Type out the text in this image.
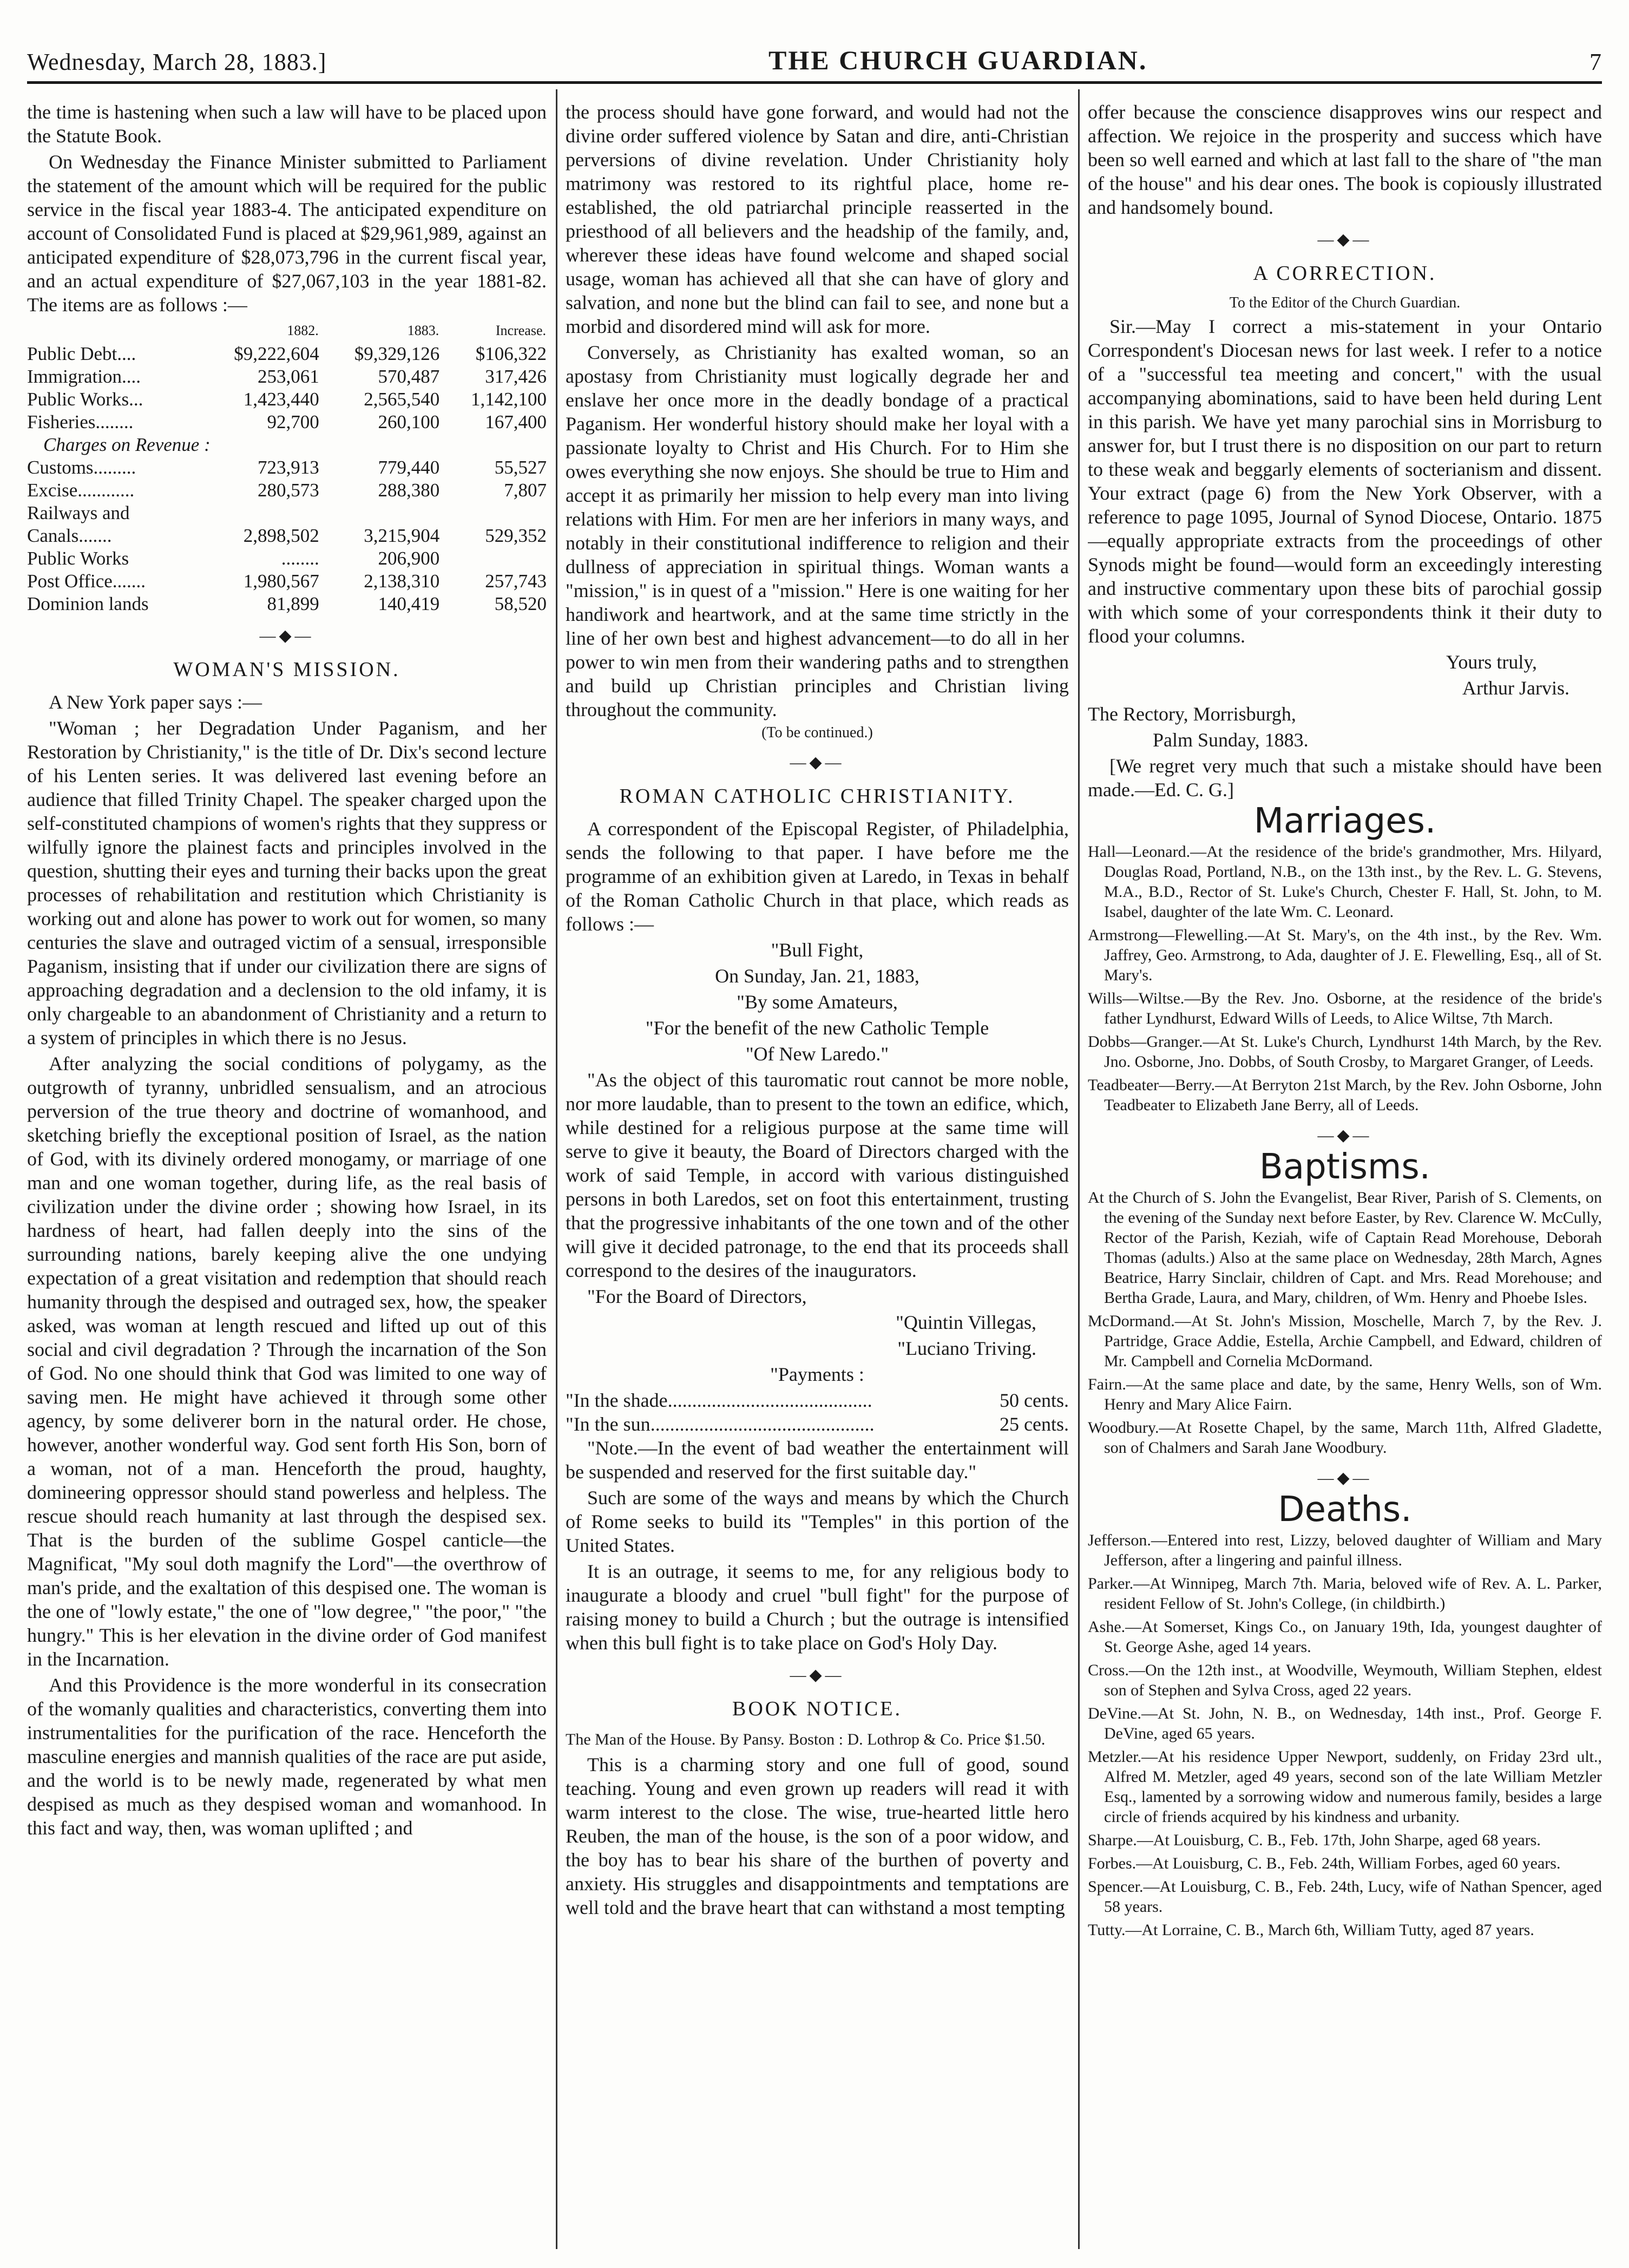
Wednesday, March 28, 1883.]	THE CHURCH GUARDIAN.	7

the time is hastening when such a law will have to be placed upon the Statute Book.

On Wednesday the Finance Minister submitted to Parliament the statement of the amount which will be required for the public service in the fiscal year 1883-4. The anticipated expenditure on account of Consolidated Fund is placed at $29,961,989, against an anticipated expenditure of $28,073,796 in the current fiscal year, and an actual expenditure of $27,067,103 in the year 1881-82. The items are as follows :—

	1882.	1883.	Increase.
Public Debt....	$9,222,604	$9,329,126	$106,322
Immigration....	253,061	570,487	317,426
Public Works...	1,423,440	2,565,540	1,142,100
Fisheries........	92,700	260,100	167,400
Charges on Revenue :			
Customs.........	723,913	779,440	55,527
Excise............	280,573	288,380	7,807
Railways and			
Canals.......	2,898,502	3,215,904	529,352
Public Works	........	206,900	
Post Office.......	1,980,567	2,138,310	257,743
Dominion lands	81,899	140,419	58,520
—◆—
WOMAN'S MISSION.

A New York paper says :—

"Woman ; her Degradation Under Paganism, and her Restoration by Christianity," is the title of Dr. Dix's second lecture of his Lenten series. It was delivered last evening before an audience that filled Trinity Chapel. The speaker charged upon the self-constituted champions of women's rights that they suppress or wilfully ignore the plainest facts and principles involved in the question, shutting their eyes and turning their backs upon the great processes of rehabilitation and restitution which Christianity is working out and alone has power to work out for women, so many centuries the slave and outraged victim of a sensual, irresponsible Paganism, insisting that if under our civilization there are signs of approaching degradation and a declension to the old infamy, it is only chargeable to an abandonment of Christianity and a return to a system of principles in which there is no Jesus.

After analyzing the social conditions of polygamy, as the outgrowth of tyranny, unbridled sensualism, and an atrocious perversion of the true theory and doctrine of womanhood, and sketching briefly the exceptional position of Israel, as the nation of God, with its divinely ordered monogamy, or marriage of one man and one woman together, during life, as the real basis of civilization under the divine order ; showing how Israel, in its hardness of heart, had fallen deeply into the sins of the surrounding nations, barely keeping alive the one undying expectation of a great visitation and redemption that should reach humanity through the despised and outraged sex, how, the speaker asked, was woman at length rescued and lifted up out of this social and civil degradation ? Through the incarnation of the Son of God. No one should think that God was limited to one way of saving men. He might have achieved it through some other agency, by some deliverer born in the natural order. He chose, however, another wonderful way. God sent forth His Son, born of a woman, not of a man. Henceforth the proud, haughty, domineering oppressor should stand powerless and helpless. The rescue should reach humanity at last through the despised sex. That is the burden of the sublime Gospel canticle—the Magnificat, "My soul doth magnify the Lord"—the overthrow of man's pride, and the exaltation of this despised one. The woman is the one of "lowly estate," the one of "low degree," "the poor," "the hungry." This is her elevation in the divine order of God manifest in the Incarnation.

And this Providence is the more wonderful in its consecration of the womanly qualities and characteristics, converting them into instrumentalities for the purification of the race. Henceforth the masculine energies and mannish qualities of the race are put aside, and the world is to be newly made, regenerated by what men despised as much as they despised woman and womanhood. In this fact and way, then, was woman uplifted ; and

the process should have gone forward, and would had not the divine order suffered violence by Satan and dire, anti-Christian perversions of divine revelation. Under Christianity holy matrimony was restored to its rightful place, home re-established, the old patriarchal principle reasserted in the priesthood of all believers and the headship of the family, and, wherever these ideas have found welcome and shaped social usage, woman has achieved all that she can have of glory and salvation, and none but the blind can fail to see, and none but a morbid and disordered mind will ask for more.

Conversely, as Christianity has exalted woman, so an apostasy from Christianity must logically degrade her and enslave her once more in the deadly bondage of a practical Paganism. Her wonderful history should make her loyal with a passionate loyalty to Christ and His Church. For to Him she owes everything she now enjoys. She should be true to Him and accept it as primarily her mission to help every man into living relations with Him. For men are her inferiors in many ways, and notably in their constitutional indifference to religion and their dullness of appreciation in spiritual things. Woman wants a "mission," is in quest of a "mission." Here is one waiting for her handiwork and heartwork, and at the same time strictly in the line of her own best and highest advancement—to do all in her power to win men from their wandering paths and to strengthen and build up Christian principles and Christian living throughout the community.

(To be continued.)

—◆—
ROMAN CATHOLIC CHRISTIANITY.

A correspondent of the Episcopal Register, of Philadelphia, sends the following to that paper. I have before me the programme of an exhibition given at Laredo, in Texas in behalf of the Roman Catholic Church in that place, which reads as follows :—

"Bull Fight,

On Sunday, Jan. 21, 1883,

"By some Amateurs,

"For the benefit of the new Catholic Temple

"Of New Laredo."

"As the object of this tauromatic rout cannot be more noble, nor more laudable, than to present to the town an edifice, which, while destined for a religious purpose at the same time will serve to give it beauty, the Board of Directors charged with the work of said Temple, in accord with various distinguished persons in both Laredos, set on foot this entertainment, trusting that the progressive inhabitants of the one town and of the other will give it decided patronage, to the end that its proceeds shall correspond to the desires of the inaugurators.

"For the Board of Directors,

"Quintin Villegas,

"Luciano Triving.

"Payments :

"In the shade..........................................	50 cents.
"In the sun..............................................	25 cents.

"Note.—In the event of bad weather the entertainment will be suspended and reserved for the first suitable day."

Such are some of the ways and means by which the Church of Rome seeks to build its "Temples" in this portion of the United States.

It is an outrage, it seems to me, for any religious body to inaugurate a bloody and cruel "bull fight" for the purpose of raising money to build a Church ; but the outrage is intensified when this bull fight is to take place on God's Holy Day.

—◆—
BOOK NOTICE.

The Man of the House. By Pansy. Boston : D. Lothrop & Co. Price $1.50.

This is a charming story and one full of good, sound teaching. Young and even grown up readers will read it with warm interest to the close. The wise, true-hearted little hero Reuben, the man of the house, is the son of a poor widow, and the boy has to bear his share of the burthen of poverty and anxiety. His struggles and disappointments and temptations are well told and the brave heart that can withstand a most tempting

offer because the conscience disapproves wins our respect and affection. We rejoice in the prosperity and success which have been so well earned and which at last fall to the share of "the man of the house" and his dear ones. The book is copiously illustrated and handsomely bound.

—◆—
A CORRECTION.

To the Editor of the Church Guardian.

Sir.—May I correct a mis-statement in your Ontario Correspondent's Diocesan news for last week. I refer to a notice of a "successful tea meeting and concert," with the usual accompanying abominations, said to have been held during Lent in this parish. We have yet many parochial sins in Morrisburg to answer for, but I trust there is no disposition on our part to return to these weak and beggarly elements of socterianism and dissent. Your extract (page 6) from the New York Observer, with a reference to page 1095, Journal of Synod Diocese, Ontario. 1875—equally appropriate extracts from the proceedings of other Synods might be found—would form an exceedingly interesting and instructive commentary upon these bits of parochial gossip with which some of your correspondents think it their duty to flood your columns.

Yours truly,

Arthur Jarvis.

The Rectory, Morrisburgh,

Palm Sunday, 1883.

[We regret very much that such a mistake should have been made.—Ed. C. G.]

Marriages.

Hall—Leonard.—At the residence of the bride's grandmother, Mrs. Hilyard, Douglas Road, Portland, N.B., on the 13th inst., by the Rev. L. G. Stevens, M.A., B.D., Rector of St. Luke's Church, Chester F. Hall, St. John, to M. Isabel, daughter of the late Wm. C. Leonard.

Armstrong—Flewelling.—At St. Mary's, on the 4th inst., by the Rev. Wm. Jaffrey, Geo. Armstrong, to Ada, daughter of J. E. Flewelling, Esq., all of St. Mary's.

Wills—Wiltse.—By the Rev. Jno. Osborne, at the residence of the bride's father Lyndhurst, Edward Wills of Leeds, to Alice Wiltse, 7th March.

Dobbs—Granger.—At St. Luke's Church, Lyndhurst 14th March, by the Rev. Jno. Osborne, Jno. Dobbs, of South Crosby, to Margaret Granger, of Leeds.

Teadbeater—Berry.—At Berryton 21st March, by the Rev. John Osborne, John Teadbeater to Elizabeth Jane Berry, all of Leeds.

—◆—
Baptisms.

At the Church of S. John the Evangelist, Bear River, Parish of S. Clements, on the evening of the Sunday next before Easter, by Rev. Clarence W. McCully, Rector of the Parish, Keziah, wife of Captain Read Morehouse, Deborah Thomas (adults.) Also at the same place on Wednesday, 28th March, Agnes Beatrice, Harry Sinclair, children of Capt. and Mrs. Read Morehouse; and Bertha Grade, Laura, and Mary, children, of Wm. Henry and Phoebe Isles.

McDormand.—At St. John's Mission, Moschelle, March 7, by the Rev. J. Partridge, Grace Addie, Estella, Archie Campbell, and Edward, children of Mr. Campbell and Cornelia McDormand.

Fairn.—At the same place and date, by the same, Henry Wells, son of Wm. Henry and Mary Alice Fairn.

Woodbury.—At Rosette Chapel, by the same, March 11th, Alfred Gladette, son of Chalmers and Sarah Jane Woodbury.

—◆—
Deaths.

Jefferson.—Entered into rest, Lizzy, beloved daughter of William and Mary Jefferson, after a lingering and painful illness.

Parker.—At Winnipeg, March 7th. Maria, beloved wife of Rev. A. L. Parker, resident Fellow of St. John's College, (in childbirth.)

Ashe.—At Somerset, Kings Co., on January 19th, Ida, youngest daughter of St. George Ashe, aged 14 years.

Cross.—On the 12th inst., at Woodville, Weymouth, William Stephen, eldest son of Stephen and Sylva Cross, aged 22 years.

DeVine.—At St. John, N. B., on Wednesday, 14th inst., Prof. George F. DeVine, aged 65 years.

Metzler.—At his residence Upper Newport, suddenly, on Friday 23rd ult., Alfred M. Metzler, aged 49 years, second son of the late William Metzler Esq., lamented by a sorrowing widow and numerous family, besides a large circle of friends acquired by his kindness and urbanity.

Sharpe.—At Louisburg, C. B., Feb. 17th, John Sharpe, aged 68 years.

Forbes.—At Louisburg, C. B., Feb. 24th, William Forbes, aged 60 years.

Spencer.—At Louisburg, C. B., Feb. 24th, Lucy, wife of Nathan Spencer, aged 58 years.

Tutty.—At Lorraine, C. B., March 6th, William Tutty, aged 87 years.
